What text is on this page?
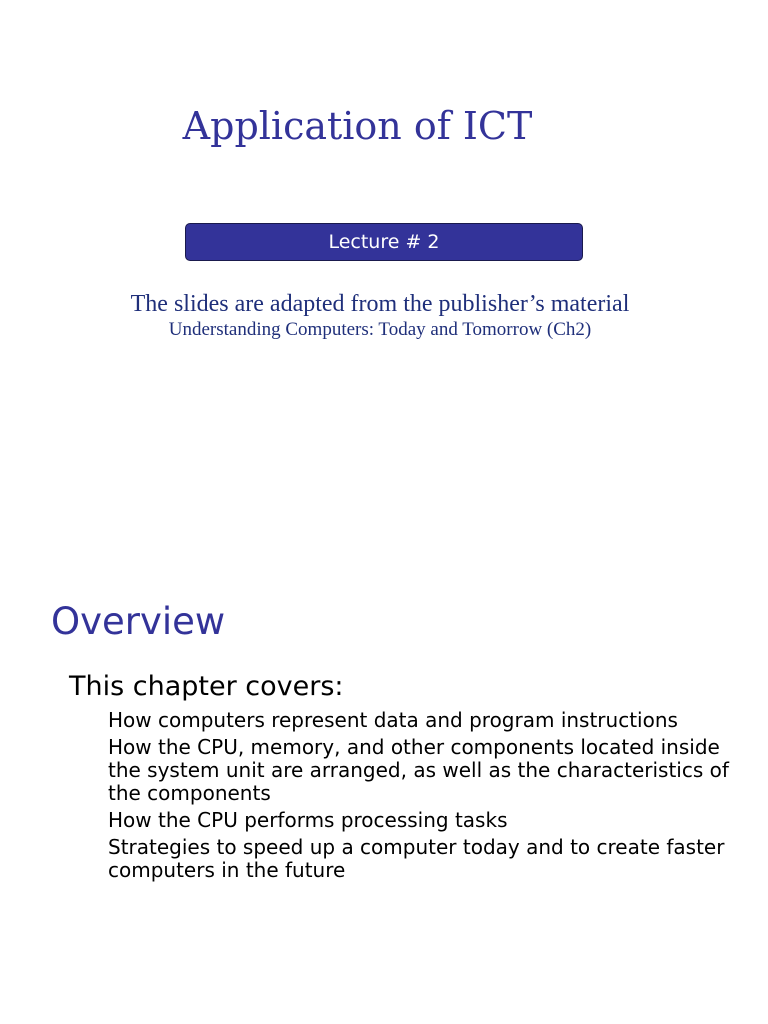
Application of ICT
Lecture # 2
The slides are adapted from the publisher’s material
Understanding Computers: Today and Tomorrow (Ch2)
Overview
This chapter covers:
How computers represent data and program instructions
How the CPU, memory, and other components located inside the system unit are arranged, as well as the characteristics of the components
How the CPU performs processing tasks
Strategies to speed up a computer today and to create faster computers in the future
